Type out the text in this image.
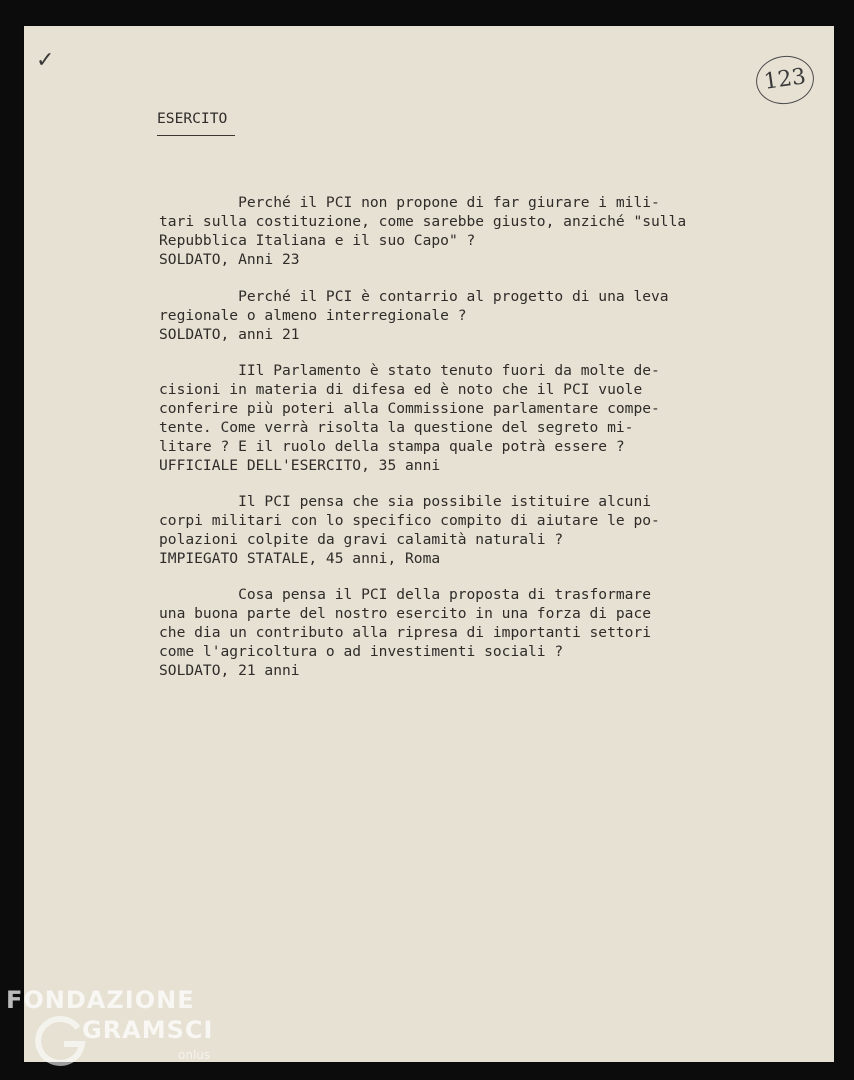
✓
123
ESERCITO

Perché il PCI non propone di far giurare i mili-

tari sulla costituzione, come sarebbe giusto, anziché "sulla

Repubblica Italiana e il suo Capo" ?

SOLDATO, Anni 23

Perché il PCI è contarrio al progetto di una leva

regionale o almeno interregionale ?

SOLDATO, anni 21

IIl Parlamento è stato tenuto fuori da molte de-

cisioni in materia di difesa ed è noto che il PCI vuole

conferire più poteri alla Commissione parlamentare compe-

tente. Come verrà risolta la questione del segreto mi-

litare ? E il ruolo della stampa quale potrà essere ?

UFFICIALE DELL'ESERCITO, 35 anni

Il PCI pensa che sia possibile istituire alcuni

corpi militari con lo specifico compito di aiutare le po-

polazioni colpite da gravi calamità naturali ?

IMPIEGATO STATALE, 45 anni, Roma

Cosa pensa il PCI della proposta di trasformare

una buona parte del nostro esercito in una forza di pace

che dia un contributo alla ripresa di importanti settori

come l'agricoltura o ad investimenti sociali ?

SOLDATO, 21 anni

FONDAZIONE
GRAMSCI
onlus
